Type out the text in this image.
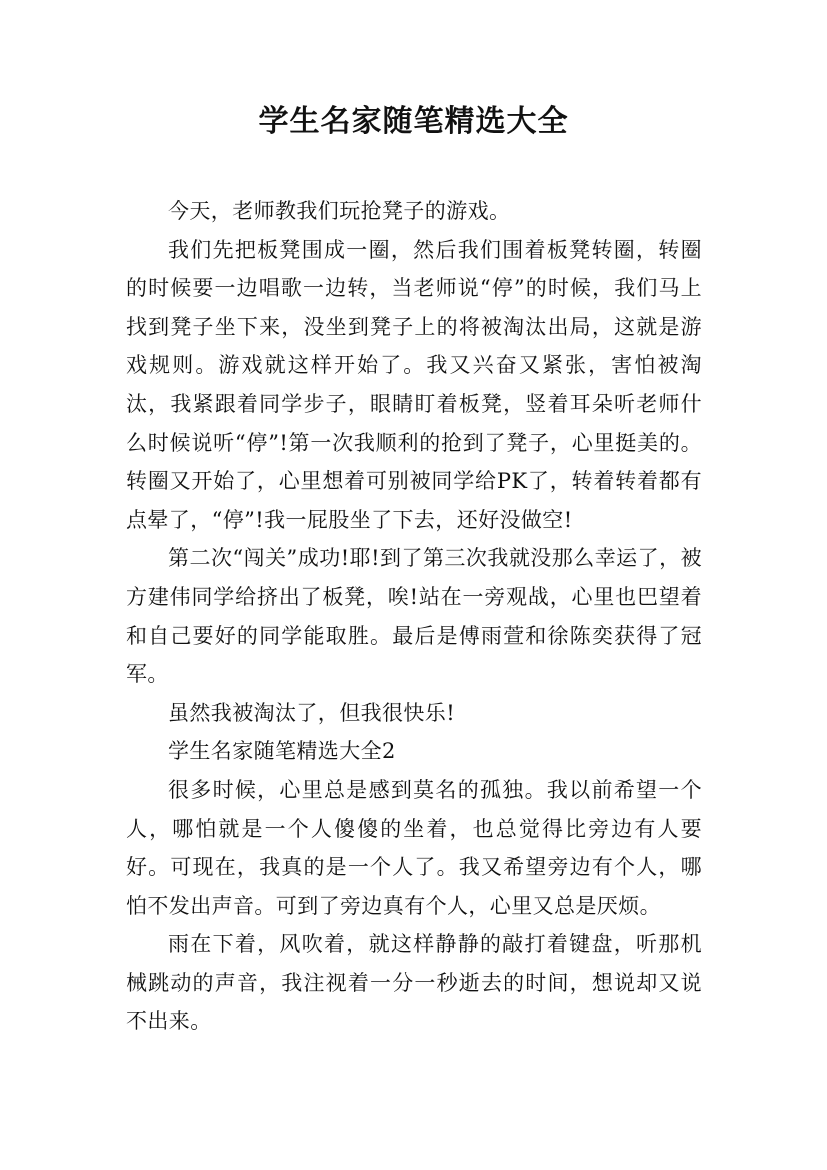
学生名家随笔精选大全

今天，老师教我们玩抢凳子的游戏。

我们先把板凳围成一圈，然后我们围着板凳转圈，转圈的时候要一边唱歌一边转，当老师说“停”的时候，我们马上找到凳子坐下来，没坐到凳子上的将被淘汰出局，这就是游戏规则。游戏就这样开始了。我又兴奋又紧张，害怕被淘汰，我紧跟着同学步子，眼睛盯着板凳，竖着耳朵听老师什么时候说听“停”!第一次我顺利的抢到了凳子，心里挺美的。转圈又开始了，心里想着可别被同学给PK了，转着转着都有点晕了，“停”!我一屁股坐了下去，还好没做空!

第二次“闯关”成功!耶!到了第三次我就没那么幸运了，被方建伟同学给挤出了板凳，唉!站在一旁观战，心里也巴望着和自己要好的同学能取胜。最后是傅雨萱和徐陈奕获得了冠军。

虽然我被淘汰了，但我很快乐!

学生名家随笔精选大全2

很多时候，心里总是感到莫名的孤独。我以前希望一个人，哪怕就是一个人傻傻的坐着，也总觉得比旁边有人要好。可现在，我真的是一个人了。我又希望旁边有个人，哪怕不发出声音。可到了旁边真有个人，心里又总是厌烦。

雨在下着，风吹着，就这样静静的敲打着键盘，听那机械跳动的声音，我注视着一分一秒逝去的时间，想说却又说不出来。
